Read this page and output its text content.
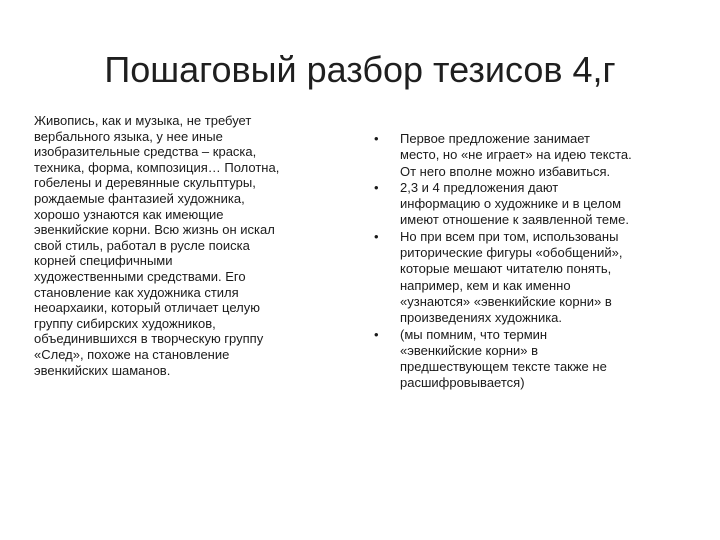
Пошаговый разбор тезисов 4,г
Живопись, как и музыка, не требует
вербального языка, у нее иные
изобразительные средства – краска,
техника, форма, композиция… Полотна,
гобелены и деревянные скульптуры,
рождаемые фантазией художника,
хорошо узнаются как имеющие
эвенкийские корни. Всю жизнь он искал
свой стиль, работал в русле поиска
корней специфичными
художественными средствами. Его
становление как художника стиля
неоархаики, который отличает целую
группу сибирских художников,
объединившихся в творческую группу
«След», похоже на становление
эвенкийских шаманов.
• Первое предложение занимает
место, но «не играет» на идею текста.
От него вполне можно избавиться.
• 2,3 и 4 предложения дают
информацию о художнике и в целом
имеют отношение к заявленной теме.
• Но при всем при том, использованы
риторические фигуры «обобщений»,
которые мешают читателю понять,
например, кем и как именно
«узнаются» «эвенкийские корни» в
произведениях художника.
• (мы помним, что термин
«эвенкийские корни» в
предшествующем тексте также не
расшифровывается)
